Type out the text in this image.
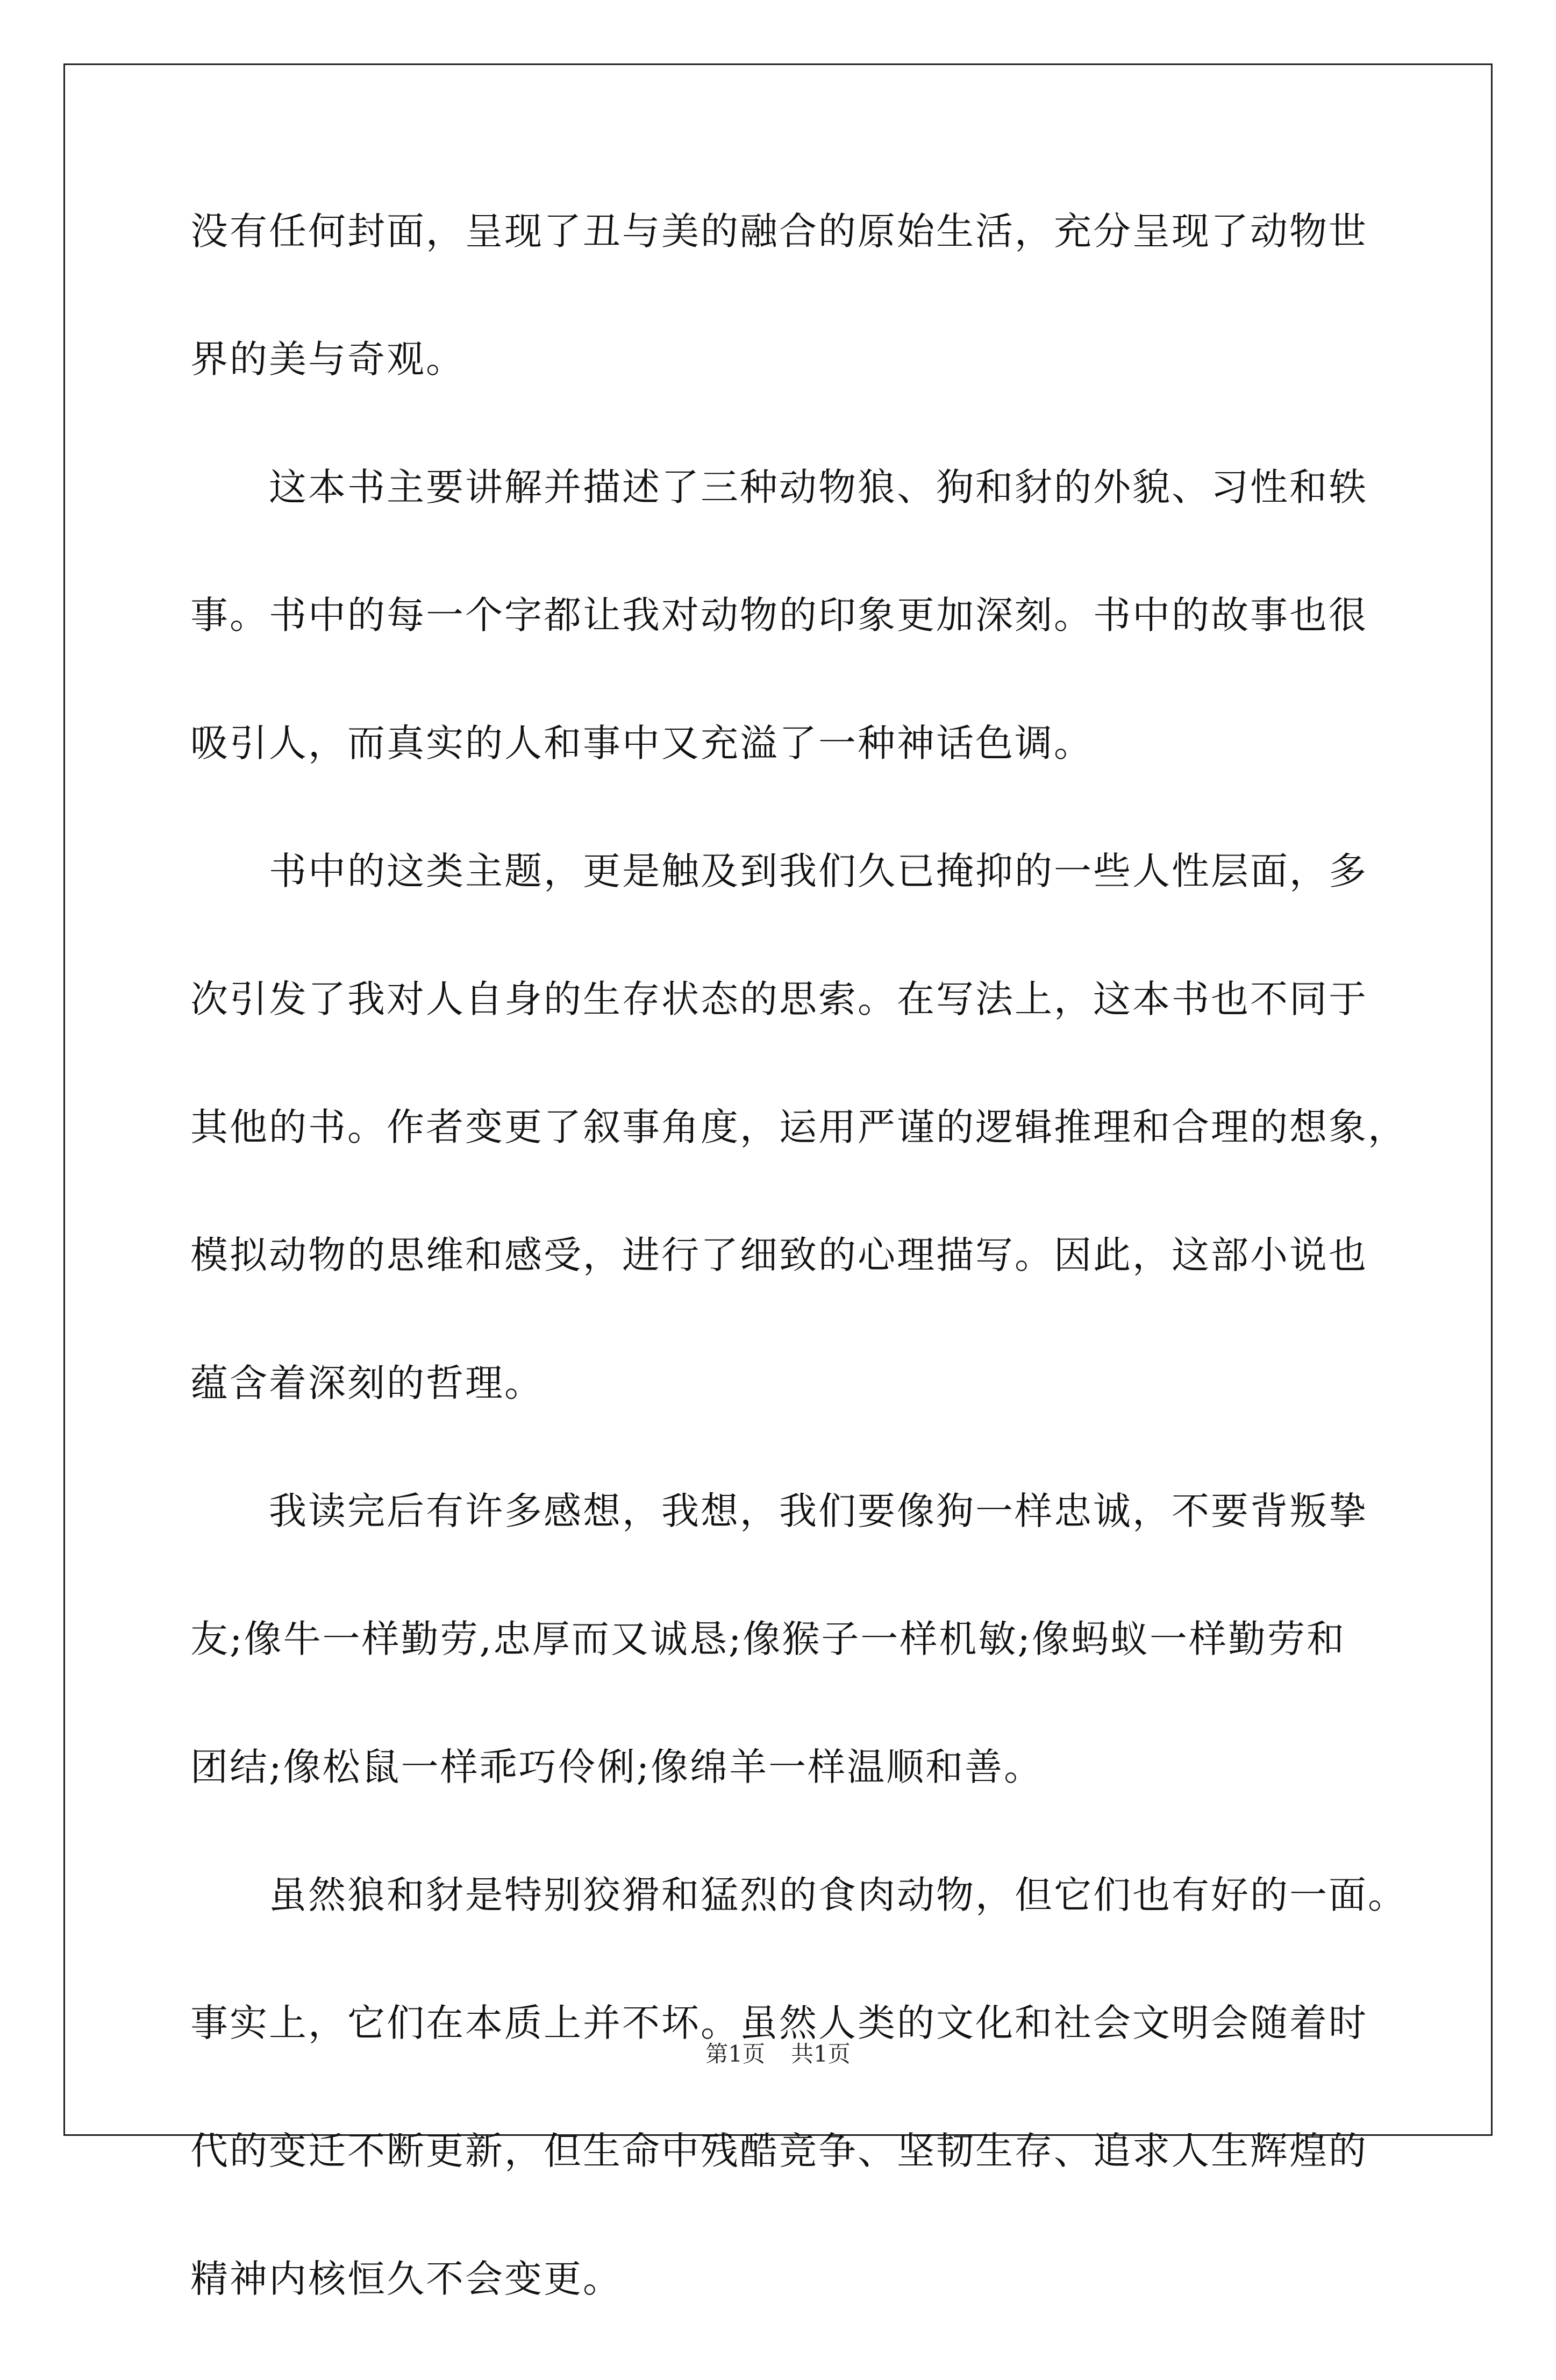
没有任何封面，呈现了丑与美的融合的原始生活，充分呈现了动物世
界的美与奇观。
　　这本书主要讲解并描述了三种动物狼、狗和豺的外貌、习性和轶
事。书中的每一个字都让我对动物的印象更加深刻。书中的故事也很
吸引人，而真实的人和事中又充溢了一种神话色调。
　　书中的这类主题，更是触及到我们久已掩抑的一些人性层面，多
次引发了我对人自身的生存状态的思索。在写法上，这本书也不同于
其他的书。作者变更了叙事角度，运用严谨的逻辑推理和合理的想象，
模拟动物的思维和感受，进行了细致的心理描写。因此，这部小说也
蕴含着深刻的哲理。
　　我读完后有许多感想，我想，我们要像狗一样忠诚，不要背叛挚
友;像牛一样勤劳,忠厚而又诚恳;像猴子一样机敏;像蚂蚁一样勤劳和
团结;像松鼠一样乖巧伶俐;像绵羊一样温顺和善。
　　虽然狼和豺是特别狡猾和猛烈的食肉动物，但它们也有好的一面。
事实上，它们在本质上并不坏。虽然人类的文化和社会文明会随着时
代的变迁不断更新，但生命中残酷竞争、坚韧生存、追求人生辉煌的
精神内核恒久不会变更。
第1页 共1页
